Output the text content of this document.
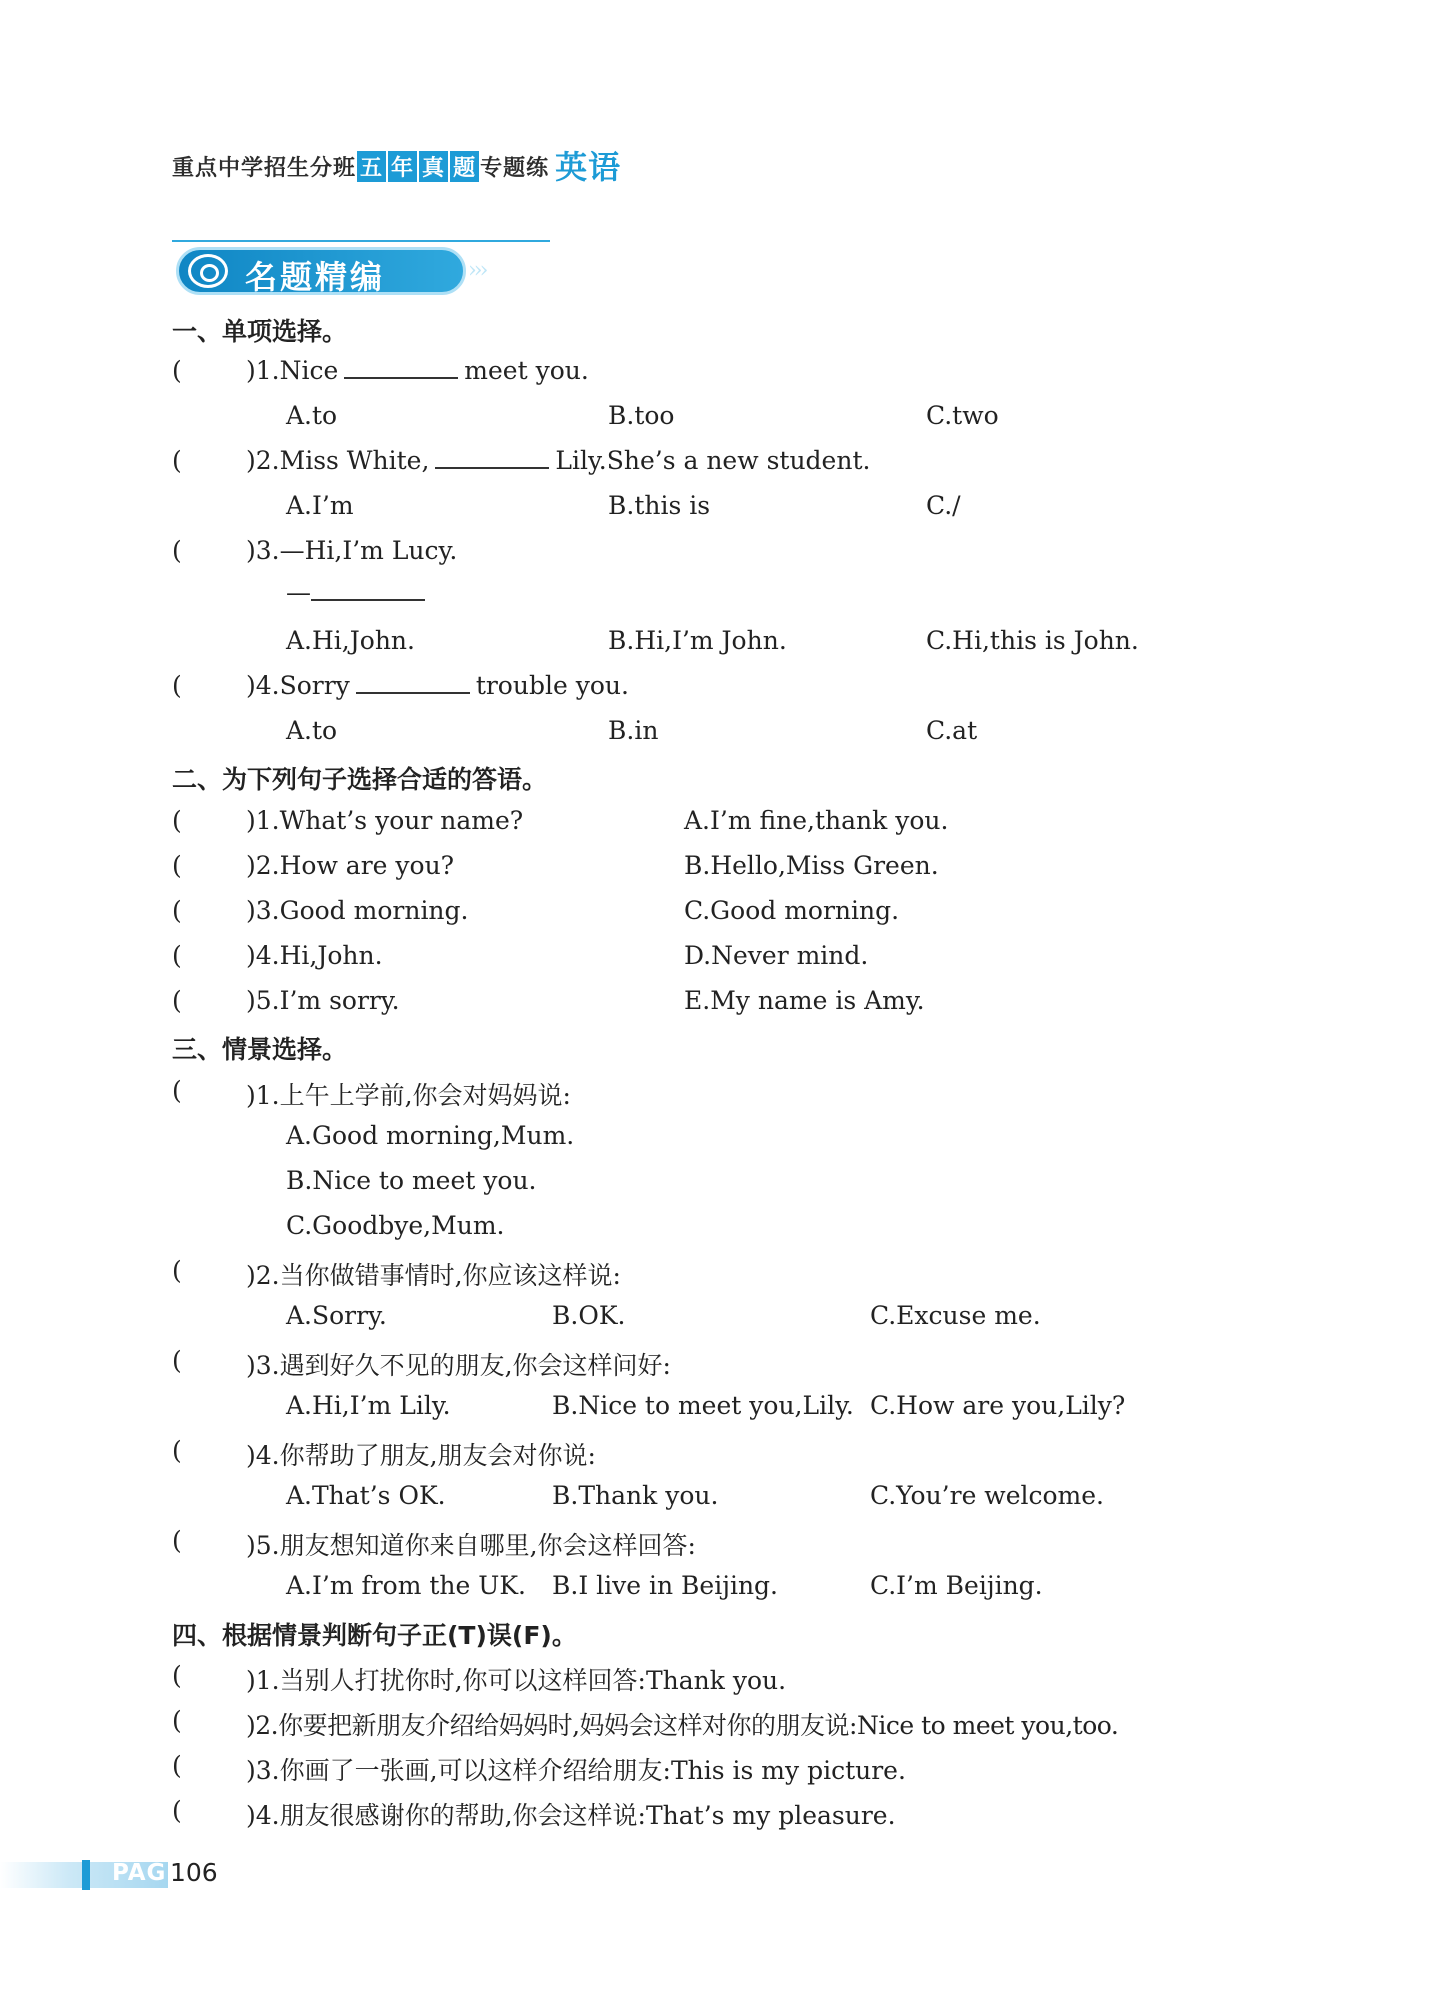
重点中学招生分班 五 年 真 题 专题练 英语
名题精编	›››
一、单项选择。
(	)1.Nice	meet you.
A.to	B.too	C.two
(	)2.Miss White,	Lily.She’s a new student.
A.I’m	B.this is	C./
(	)3.—Hi,I’m Lucy.
—
A.Hi,John.	B.Hi,I’m John.	C.Hi,this is John.
(	)4.Sorry	trouble you.
A.to	B.in	C.at
二、为下列句子选择合适的答语。
(	)1.What’s your name?	A.I’m fine,thank you.
(	)2.How are you?	B.Hello,Miss Green.
(	)3.Good morning.	C.Good morning.
(	)4.Hi,John.	D.Never mind.
(	)5.I’m sorry.	E.My name is Amy.
三、情景选择。
(	)1.上午上学前,你会对妈妈说:
A.Good morning,Mum.
B.Nice to meet you.
C.Goodbye,Mum.
(	)2.当你做错事情时,你应该这样说:
A.Sorry.	B.OK.	C.Excuse me.
(	)3.遇到好久不见的朋友,你会这样问好:
A.Hi,I’m Lily.	B.Nice to meet you,Lily. C.How are you,Lily?
(	)4.你帮助了朋友,朋友会对你说:
A.That’s OK.	B.Thank you.	C.You’re welcome.
(	)5.朋友想知道你来自哪里,你会这样回答:
A.I’m from the UK. B.I live in Beijing.	C.I’m Beijing.
四、根据情景判断句子正(T)误(F)。
(	)1.当别人打扰你时,你可以这样回答:Thank you.
(	)2.你要把新朋友介绍给妈妈时,妈妈会这样对你的朋友说:Nice to meet you,too.
(	)3.你画了一张画,可以这样介绍给朋友:This is my picture.
(	)4.朋友很感谢你的帮助,你会这样说:That’s my pleasure.
PAGE
106
